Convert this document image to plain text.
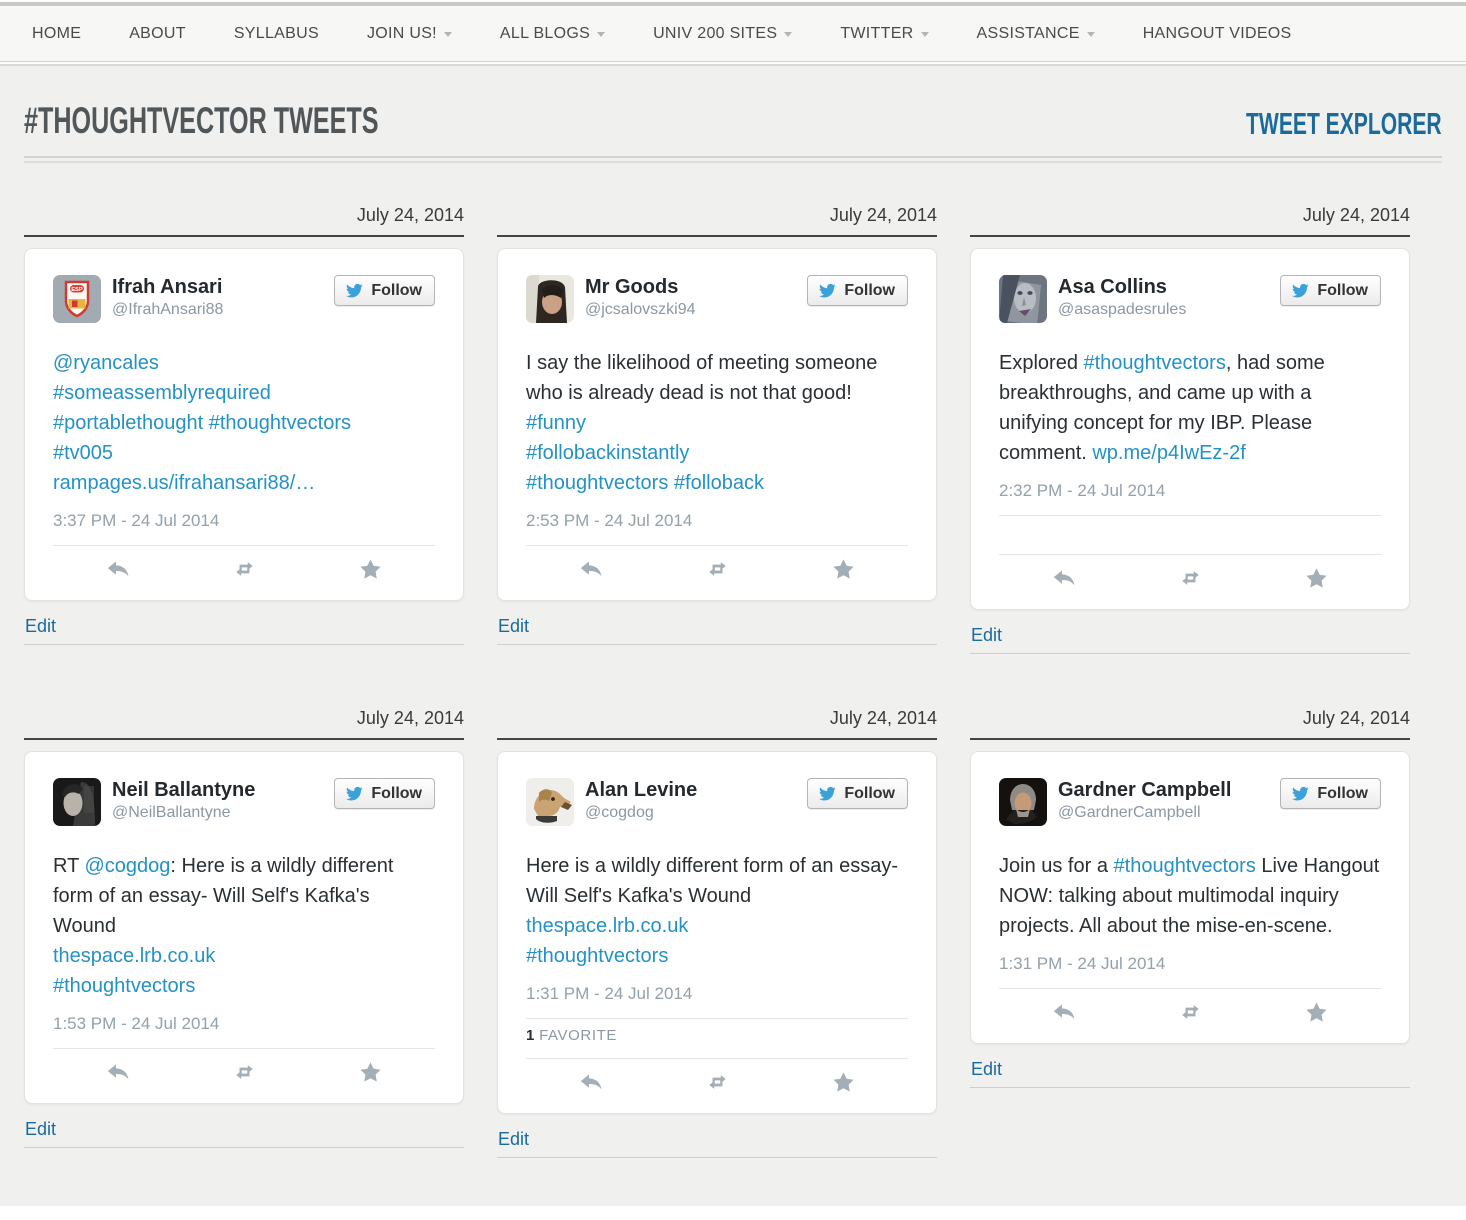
HOME	ABOUT	SYLLABUS	JOIN US!	ALL BLOGS	UNIV 200 SITES	TWITTER	ASSISTANCE	HANGOUT VIDEOS
#THOUGHTVECTOR TWEETS	TWEET EXPLORER
July 24, 2014
ESP Ifrah Ansari
@IfrahAnsari88
Follow
@ryancales
#someassemblyrequired
#portablethought #thoughtvectors
#tv005
rampages.us/ifrahansari88/…
3:37 PM - 24 Jul 2014
Edit
July 24, 2014
Mr Goods
@jcsalovszki94
Follow
I say the likelihood of meeting someone who is already dead is not that good! #funny
#follobackinstantly
#thoughtvectors #folloback
2:53 PM - 24 Jul 2014
Edit
July 24, 2014
Asa Collins
@asaspadesrules
Follow
Explored #thoughtvectors, had some breakthroughs, and came up with a unifying concept for my IBP. Please comment. wp.me/p4IwEz-2f
2:32 PM - 24 Jul 2014
Edit
July 24, 2014
Neil Ballantyne
@NeilBallantyne
Follow
RT @cogdog: Here is a wildly different form of an essay- Will Self's Kafka's Wound
thespace.lrb.co.uk
#thoughtvectors
1:53 PM - 24 Jul 2014
Edit
July 24, 2014
Alan Levine
@cogdog
Follow
Here is a wildly different form of an essay- Will Self's Kafka's Wound
thespace.lrb.co.uk
#thoughtvectors
1:31 PM - 24 Jul 2014
1 FAVORITE
Edit
July 24, 2014
Gardner Campbell
@GardnerCampbell
Follow
Join us for a #thoughtvectors Live Hangout NOW: talking about multimodal inquiry projects. All about the mise-en-scene.
1:31 PM - 24 Jul 2014
Edit
